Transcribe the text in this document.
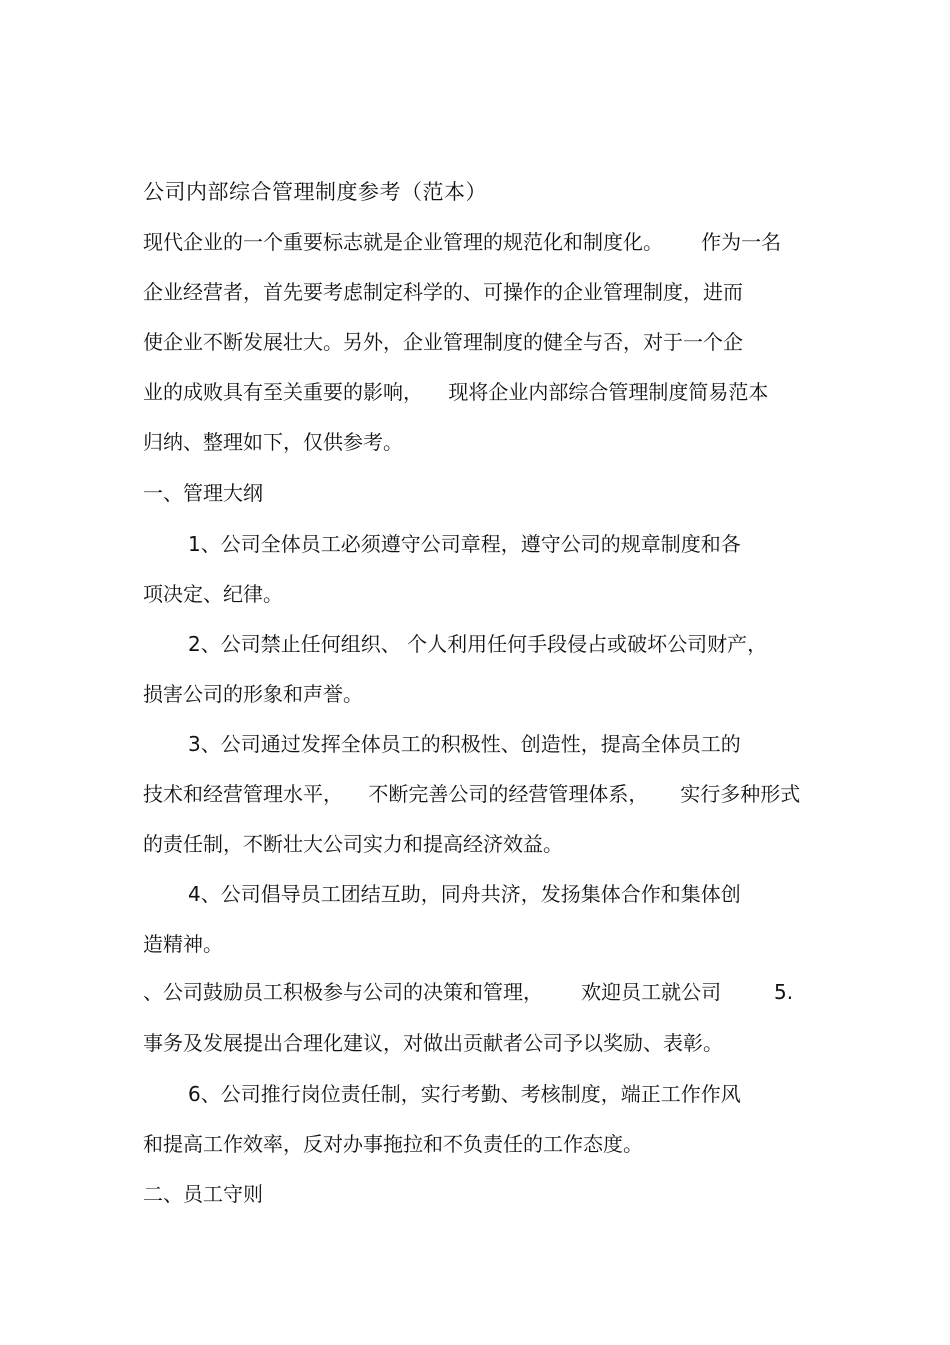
公司内部综合管理制度参考（范本）
现代企业的一个重要标志就是企业管理的规范化和制度化。      作为一名
企业经营者，首先要考虑制定科学的、可操作的企业管理制度，进而
使企业不断发展壮大。另外，企业管理制度的健全与否，对于一个企
业的成败具有至关重要的影响，    现将企业内部综合管理制度简易范本
归纳、整理如下，仅供参考。
一、管理大纲
1、公司全体员工必须遵守公司章程，遵守公司的规章制度和各
项决定、纪律。
2、公司禁止任何组织、 个人利用任何手段侵占或破坏公司财产，
损害公司的形象和声誉。
3、公司通过发挥全体员工的积极性、创造性，提高全体员工的
技术和经营管理水平，    不断完善公司的经营管理体系，     实行多种形式
的责任制，不断壮大公司实力和提高经济效益。
4、公司倡导员工团结互助，同舟共济，发扬集体合作和集体创
造精神。
、公司鼓励员工积极参与公司的决策和管理，      欢迎员工就公司	5.
事务及发展提出合理化建议，对做出贡献者公司予以奖励、表彰。
6、公司推行岗位责任制，实行考勤、考核制度，端正工作作风
和提高工作效率，反对办事拖拉和不负责任的工作态度。
二、员工守则
